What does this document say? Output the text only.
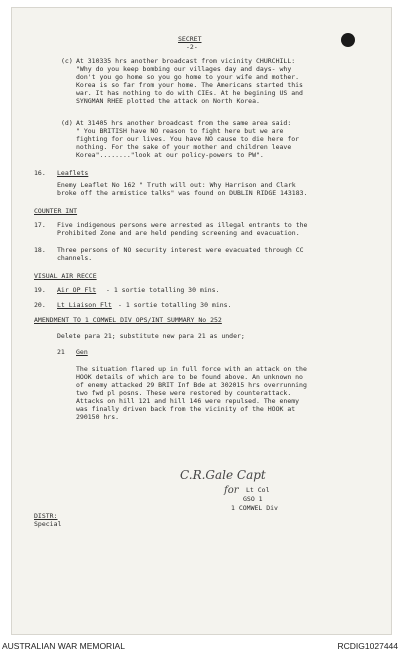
SECRET
-2-
(c) At 310335 hrs another broadcast from vicinity CHURCHILL:
"Why do you keep bombing our villages day and days- why
don't you go home so you go home to your wife and mother.
Korea is so far from your home. The Americans started this
war. It has nothing to do with CIEs. At he begining US and
SYNGMAN RHEE plotted the attack on North Korea.
(d) At 31405 hrs another broadcast from the same area said:
" You BRITISH have NO reason to fight here but we are
fighting for our lives. You have NO cause to die here for
nothing. For the sake of your mother and children leave
Korea"........"look at our policy-powers to PW".
16. Leaflets
Enemy Leaflet No 162 " Truth will out: Why Harrison and Clark
broke off the armistice talks" was found on DUBLIN RIDGE 143183.
COUNTER INT
17. Five indigenous persons were arrested as illegal entrants to the
Prohibited Zone and are held pending screening and evacuation.
18. Three persons of NO security interest were evacuated through CC
channels.
VISUAL AIR RECCE
19. Air OP Flt - 1 sortie totalling 30 mins.
20. Lt Liaison Flt - 1 sortie totalling 30 mins.
AMENDMENT TO 1 COMWEL DIV OPS/INT SUMMARY No 252
Delete para 21; substitute new para 21 as under;
21 Gen
The situation flared up in full force with an attack on the
HOOK details of which are to be found above. An unknown no
of enemy attacked 29 BRIT Inf Bde at 302015 hrs overrunning
two fwd pl posns. These were restored by counterattack.
Attacks on hill 121 and hill 146 were repulsed. The enemy
was finally driven back from the vicinity of the HOOK at
290150 hrs.
C.R.Gale Capt
for Lt Col
GSO 1
1 COMWEL Div
DISTR:
Special
AUSTRALIAN WAR MEMORIAL	RCDIG1027444
